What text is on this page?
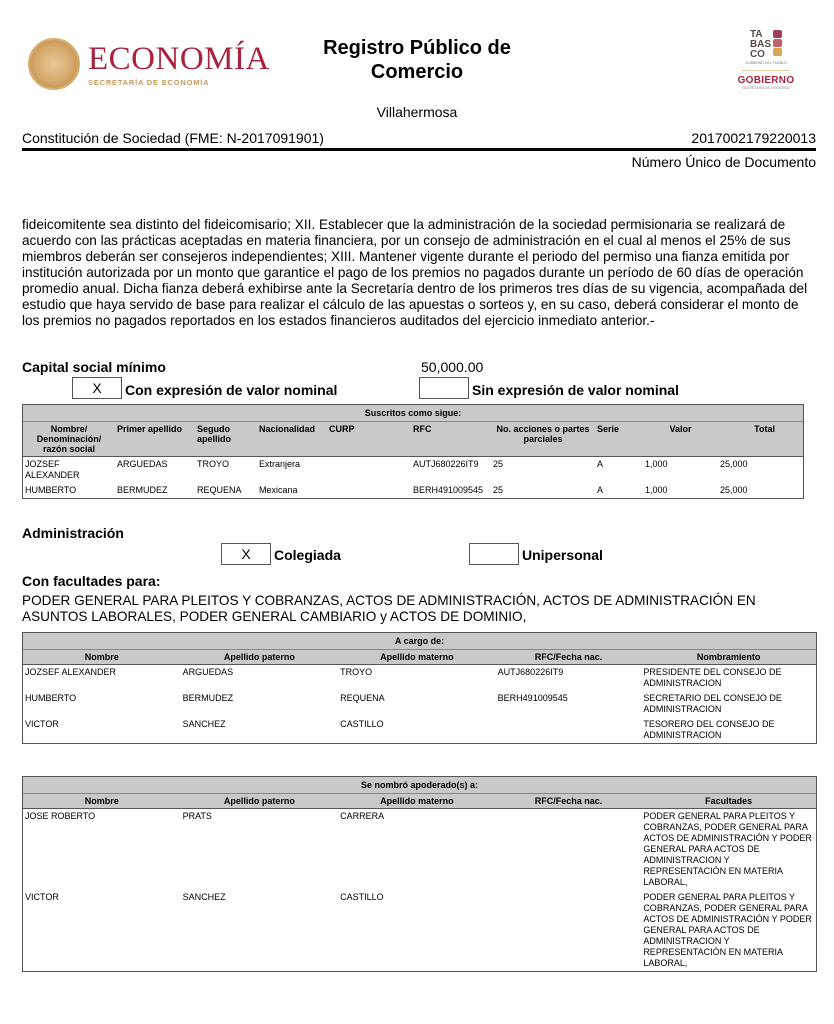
ECONOMÍA
SECRETARÍA DE ECONOMÍA
Registro Público de
Comercio
Villahermosa
TA
BAS
CO
GOBIERNO DEL PUEBLO
GOBIERNO
SECRETARÍA DE GOBIERNO
Constitución de Sociedad (FME: N-2017091901)	2017002179220013
Número Único de Documento
fideicomitente sea distinto del fideicomisario; XII. Establecer que la administración de la sociedad permisionaria se realizará de acuerdo con las prácticas aceptadas en materia financiera, por un consejo de administración en el cual al menos el 25% de sus miembros deberán ser consejeros independientes; XIII. Mantener vigente durante el periodo del permiso una fianza emitida por institución autorizada por un monto que garantice el pago de los premios no pagados durante un período de 60 días de operación promedio anual. Dicha fianza deberá exhibirse ante la Secretaría dentro de los primeros tres días de su vigencia, acompañada del estudio que haya servido de base para realizar el cálculo de las apuestas o sorteos y, en su caso, deberá considerar el monto de los premios no pagados reportados en los estados financieros auditados del ejercicio inmediato anterior.-
Capital social mínimo	50,000.00
X	Con expresión de valor nominal	Sin expresión de valor nominal
Suscritos como sigue:									
Nombre/ Denominación/ razón social	Primer apellido	Segudo apellido	Nacionalidad	CURP	RFC	No. acciones o partes parciales	Serie	Valor	Total
JOZSEF ALEXANDER	ARGUEDAS	TROYO	Extranjera		AUTJ680226IT9	25	A	1,000	25,000
HUMBERTO	BERMUDEZ	REQUENA	Mexicana		BERH491009545	25	A	1,000	25,000
Administración
X	Colegiada	Unipersonal
Con facultades para:
PODER GENERAL PARA PLEITOS Y COBRANZAS, ACTOS DE ADMINISTRACIÓN, ACTOS DE ADMINISTRACIÓN EN ASUNTOS LABORALES, PODER GENERAL CAMBIARIO y ACTOS DE DOMINIO,
A cargo de:				
Nombre	Apellido paterno	Apellido materno	RFC/Fecha nac.	Nombramiento
JOZSEF ALEXANDER	ARGUEDAS	TROYO	AUTJ680226IT9	PRESIDENTE DEL CONSEJO DE ADMINISTRACION
HUMBERTO	BERMUDEZ	REQUENA	BERH491009545	SECRETARIO DEL CONSEJO DE ADMINISTRACION
VICTOR	SANCHEZ	CASTILLO		TESORERO DEL CONSEJO DE ADMINISTRACION
Se nombró apoderado(s) a:				
Nombre	Apellido paterno	Apellido materno	RFC/Fecha nac.	Facultades
JOSE ROBERTO	PRATS	CARRERA		PODER GENERAL PARA PLEITOS Y COBRANZAS, PODER GENERAL PARA ACTOS DE ADMINISTRACIÓN Y PODER GENERAL PARA ACTOS DE ADMINISTRACION Y REPRESENTACIÓN EN MATERIA LABORAL,
VICTOR	SANCHEZ	CASTILLO		PODER GENERAL PARA PLEITOS Y COBRANZAS, PODER GENERAL PARA ACTOS DE ADMINISTRACIÓN Y PODER GENERAL PARA ACTOS DE ADMINISTRACION Y REPRESENTACIÓN EN MATERIA LABORAL,
